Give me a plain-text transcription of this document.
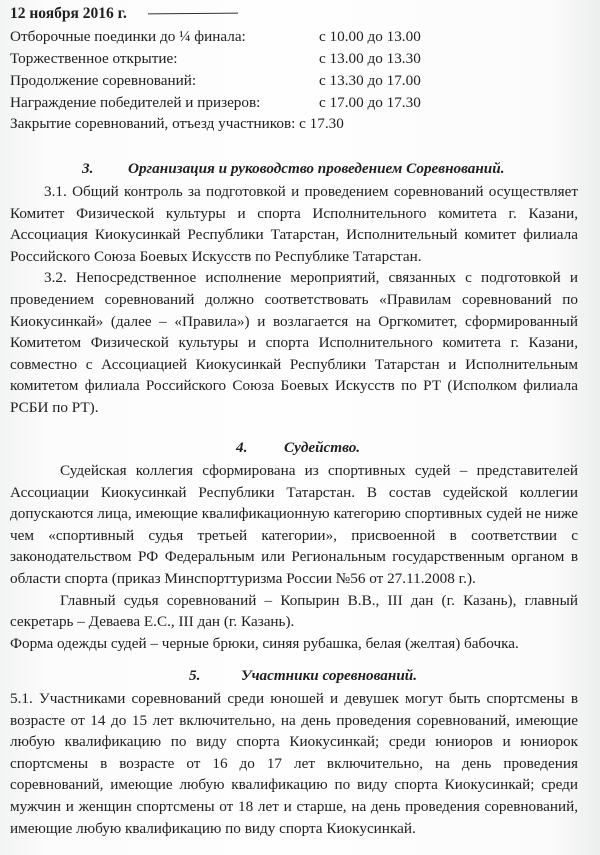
12 ноября 2016 г.
Отборочные поединки до ¼ финала:	с 10.00 до 13.00
Торжественное открытие:	с 13.00 до 13.30
Продолжение соревнований:	с 13.30 до 17.00
Награждение победителей и призеров:	с 17.00 до 17.30
Закрытие соревнований, отъезд участников: с 17.30
3. Организация и руководство проведением Соревнований.

3.1. Общий контроль за подготовкой и проведением соревнований осуществляет Комитет Физической культуры и спорта Исполнительного комитета г. Казани, Ассоциация Киокусинкай Республики Татарстан, Исполнительный комитет филиала Российского Союза Боевых Искусств по Республике Татарстан.

3.2. Непосредственное исполнение мероприятий, связанных с подготовкой и проведением соревнований должно соответствовать «Правилам соревнований по Киокусинкай» (далее – «Правила») и возлагается на Оргкомитет, сформированный Комитетом Физической культуры и спорта Исполнительного комитета г. Казани, совместно с Ассоциацией Киокусинкай Республики Татарстан и Исполнительным комитетом филиала Российского Союза Боевых Искусств по РТ (Исполком филиала РСБИ по РТ).

4. Судейство.

Судейская коллегия сформирована из спортивных судей – представителей Ассоциации Киокусинкай Республики Татарстан. В состав судейской коллегии допускаются лица, имеющие квалификационную категорию спортивных судей не ниже чем «спортивный судья третьей категории», присвоенной в соответствии с законодательством РФ Федеральным или Региональным государственным органом в области спорта (приказ Минспорттуризма России №56 от 27.11.2008 г.).

Главный судья соревнований – Копырин В.В., III дан (г. Казань), главный секретарь – Деваева Е.С., III дан (г. Казань).

Форма одежды судей – черные брюки, синяя рубашка, белая (желтая) бабочка.

5.	Участники соревнований.

5.1. Участниками соревнований среди юношей и девушек могут быть спортсмены в возрасте от 14 до 15 лет включительно, на день проведения соревнований, имеющие любую квалификацию по виду спорта Киокусинкай; среди юниоров и юниорок спортсмены в возрасте от 16 до 17 лет включительно, на день проведения соревнований, имеющие любую квалификацию по виду спорта Киокусинкай; среди мужчин и женщин спортсмены от 18 лет и старше, на день проведения соревнований, имеющие любую квалификацию по виду спорта Киокусинкай.
